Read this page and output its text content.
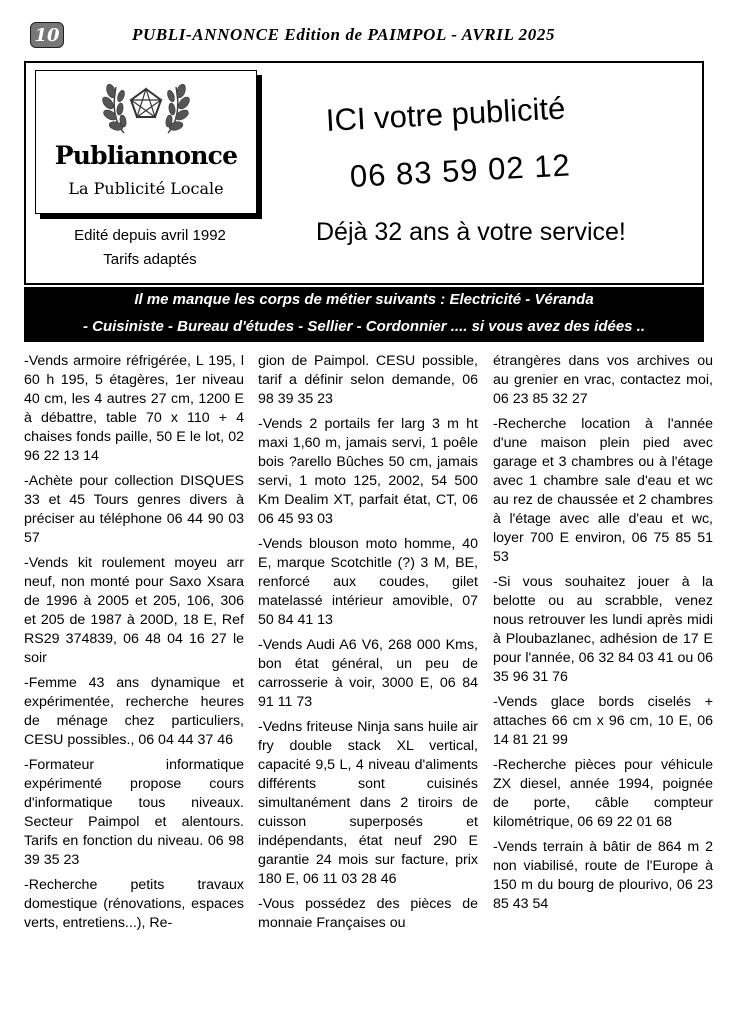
10	PUBLI-ANNONCE Edition de PAIMPOL - AVRIL 2025
Publiannonce
La Publicité Locale
Edité depuis avril 1992
Tarifs adaptés
ICI votre publicité
06 83 59 02 12
Déjà 32 ans à votre service!
Il me manque les corps de métier suivants : Electricité - Véranda
- Cuisiniste - Bureau d'études - Sellier - Cordonnier .... si vous avez des idées ..

-Vends armoire réfrigérée, L 195, l 60 h 195, 5 étagères, 1er niveau 40 cm, les 4 autres 27 cm, 1200 E à débattre, table 70 x 110 + 4 chaises fonds paille, 50 E le lot, 02 96 22 13 14

-Achète pour collection DISQUES 33 et 45 Tours genres divers à préciser au téléphone 06 44 90 03 57

-Vends kit roulement moyeu arr neuf, non monté pour Saxo Xsara de 1996 à 2005 et 205, 106, 306 et 205 de 1987 à 200D, 18 E, Ref RS29 374839, 06 48 04 16 27 le soir

-Femme 43 ans dynamique et expérimentée, recherche heures de ménage chez particuliers, CESU possibles., 06 04 44 37 46

-Formateur informatique expérimenté propose cours d'informatique tous niveaux. Secteur Paimpol et alentours. Tarifs en fonction du niveau. 06 98 39 35 23

-Recherche petits travaux domestique (rénovations, espaces verts, entretiens...), Re-

gion de Paimpol. CESU possible, tarif a définir selon demande, 06 98 39 35 23

-Vends 2 portails fer larg 3 m ht maxi 1,60 m, jamais servi, 1 poêle bois ?arello Bûches 50 cm, jamais servi, 1 moto 125, 2002, 54 500 Km Dealim XT, parfait état, CT, 06 06 45 93 03

-Vends blouson moto homme, 40 E, marque Scotchitle (?) 3 M, BE, renforcé aux coudes, gilet matelassé intérieur amovible, 07 50 84 41 13

-Vends Audi A6 V6, 268 000 Kms, bon état général, un peu de carrosserie à voir, 3000 E, 06 84 91 11 73

-Vedns friteuse Ninja sans huile air fry double stack XL vertical, capacité 9,5 L, 4 niveau d'aliments différents sont cuisinés simultanément dans 2 tiroirs de cuisson superposés et indépendants, état neuf 290 E garantie 24 mois sur facture, prix 180 E, 06 11 03 28 46

-Vous possédez des pièces de monnaie Françaises ou

étrangères dans vos archives ou au grenier en vrac, contactez moi, 06 23 85 32 27

-Recherche location à l'année d'une maison plein pied avec garage et 3 chambres ou à l'étage avec 1 chambre sale d'eau et wc au rez de chaussée et 2 chambres à l'étage avec alle d'eau et wc, loyer 700 E environ, 06 75 85 51 53

-Si vous souhaitez jouer à la belotte ou au scrabble, venez nous retrouver les lundi après midi à Ploubazlanec, adhésion de 17 E pour l'année, 06 32 84 03 41 ou 06 35 96 31 76

-Vends glace bords ciselés + attaches 66 cm x 96 cm, 10 E, 06 14 81 21 99

-Recherche pièces pour véhicule ZX diesel, année 1994, poignée de porte, câble compteur kilométrique, 06 69 22 01 68

-Vends terrain à bâtir de 864 m 2 non viabilisé, route de l'Europe à 150 m du bourg de plourivo, 06 23 85 43 54
